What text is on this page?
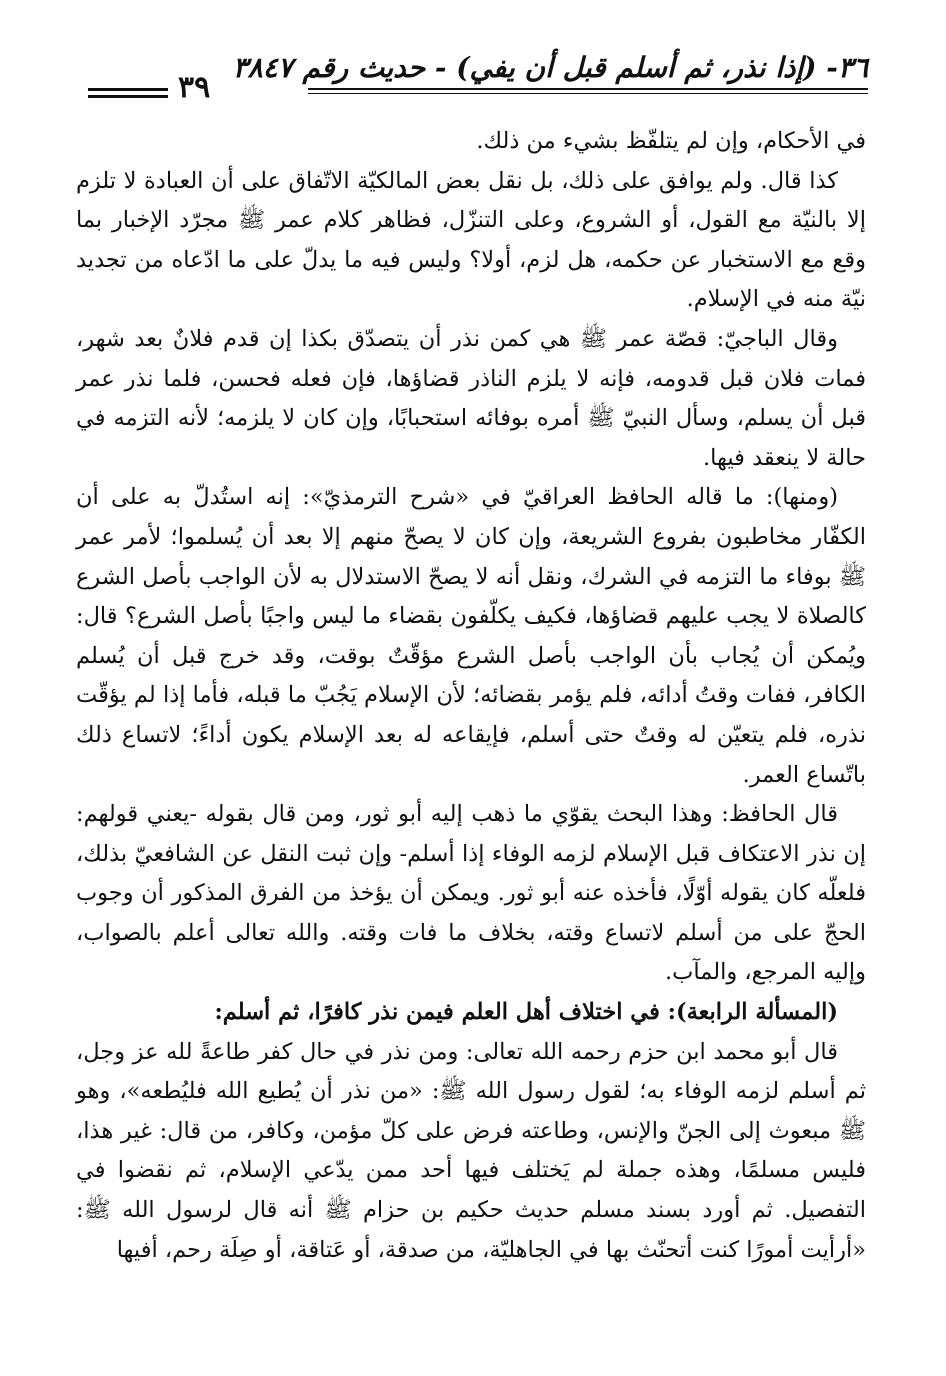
٣٦- (إذا نذر، ثم أسلم قبل أن يفي) - حديث رقم ٣٨٤٧
٣٩

في الأحكام، وإن لم يتلفّظ بشيء من ذلك.

كذا قال. ولم يوافق على ذلك، بل نقل بعض المالكيّة الاتّفاق على أن العبادة لا تلزم إلا بالنيّة مع القول، أو الشروع، وعلى التنزّل، فظاهر كلام عمر ﷺ مجرّد الإخبار بما وقع مع الاستخبار عن حكمه، هل لزم، أولا؟ وليس فيه ما يدلّ على ما ادّعاه من تجديد نيّة منه في الإسلام.

وقال الباجيّ: قصّة عمر ﷺ هي كمن نذر أن يتصدّق بكذا إن قدم فلانٌ بعد شهر، فمات فلان قبل قدومه، فإنه لا يلزم الناذر قضاؤها، فإن فعله فحسن، فلما نذر عمر قبل أن يسلم، وسأل النبيّ ﷺ أمره بوفائه استحبابًا، وإن كان لا يلزمه؛ لأنه التزمه في حالة لا ينعقد فيها.

(ومنها): ما قاله الحافظ العراقيّ في «شرح الترمذيّ»: إنه استُدلّ به على أن الكفّار مخاطبون بفروع الشريعة، وإن كان لا يصحّ منهم إلا بعد أن يُسلموا؛ لأمر عمر ﷺ بوفاء ما التزمه في الشرك، ونقل أنه لا يصحّ الاستدلال به لأن الواجب بأصل الشرع كالصلاة لا يجب عليهم قضاؤها، فكيف يكلّفون بقضاء ما ليس واجبًا بأصل الشرع؟ قال: ويُمكن أن يُجاب بأن الواجب بأصل الشرع مؤقّتٌ بوقت، وقد خرج قبل أن يُسلم الكافر، ففات وقتُ أدائه، فلم يؤمر بقضائه؛ لأن الإسلام يَجُبّ ما قبله، فأما إذا لم يؤقّت نذره، فلم يتعيّن له وقتٌ حتى أسلم، فإيقاعه له بعد الإسلام يكون أداءً؛ لاتساع ذلك باتّساع العمر.

قال الحافظ: وهذا البحث يقوّي ما ذهب إليه أبو ثور، ومن قال بقوله -يعني قولهم: إن نذر الاعتكاف قبل الإسلام لزمه الوفاء إذا أسلم- وإن ثبت النقل عن الشافعيّ بذلك، فلعلّه كان يقوله أوّلًا، فأخذه عنه أبو ثور. ويمكن أن يؤخذ من الفرق المذكور أن وجوب الحجّ على من أسلم لاتساع وقته، بخلاف ما فات وقته. والله تعالى أعلم بالصواب، وإليه المرجع، والمآب.

(المسألة الرابعة): في اختلاف أهل العلم فيمن نذر كافرًا، ثم أسلم:

قال أبو محمد ابن حزم رحمه الله تعالى: ومن نذر في حال كفر طاعةً لله عز وجل، ثم أسلم لزمه الوفاء به؛ لقول رسول الله ﷺ: «من نذر أن يُطيع الله فليُطعه»، وهو ﷺ مبعوث إلى الجنّ والإنس، وطاعته فرض على كلّ مؤمن، وكافر، من قال: غير هذا، فليس مسلمًا، وهذه جملة لم يَختلف فيها أحد ممن يدّعي الإسلام، ثم نقضوا في التفصيل. ثم أورد بسند مسلم حديث حكيم بن حزام ﷺ أنه قال لرسول الله ﷺ: «أرأيت أمورًا كنت أتحنّث بها في الجاهليّة، من صدقة، أو عَتاقة، أو صِلَة رحم، أفيها
